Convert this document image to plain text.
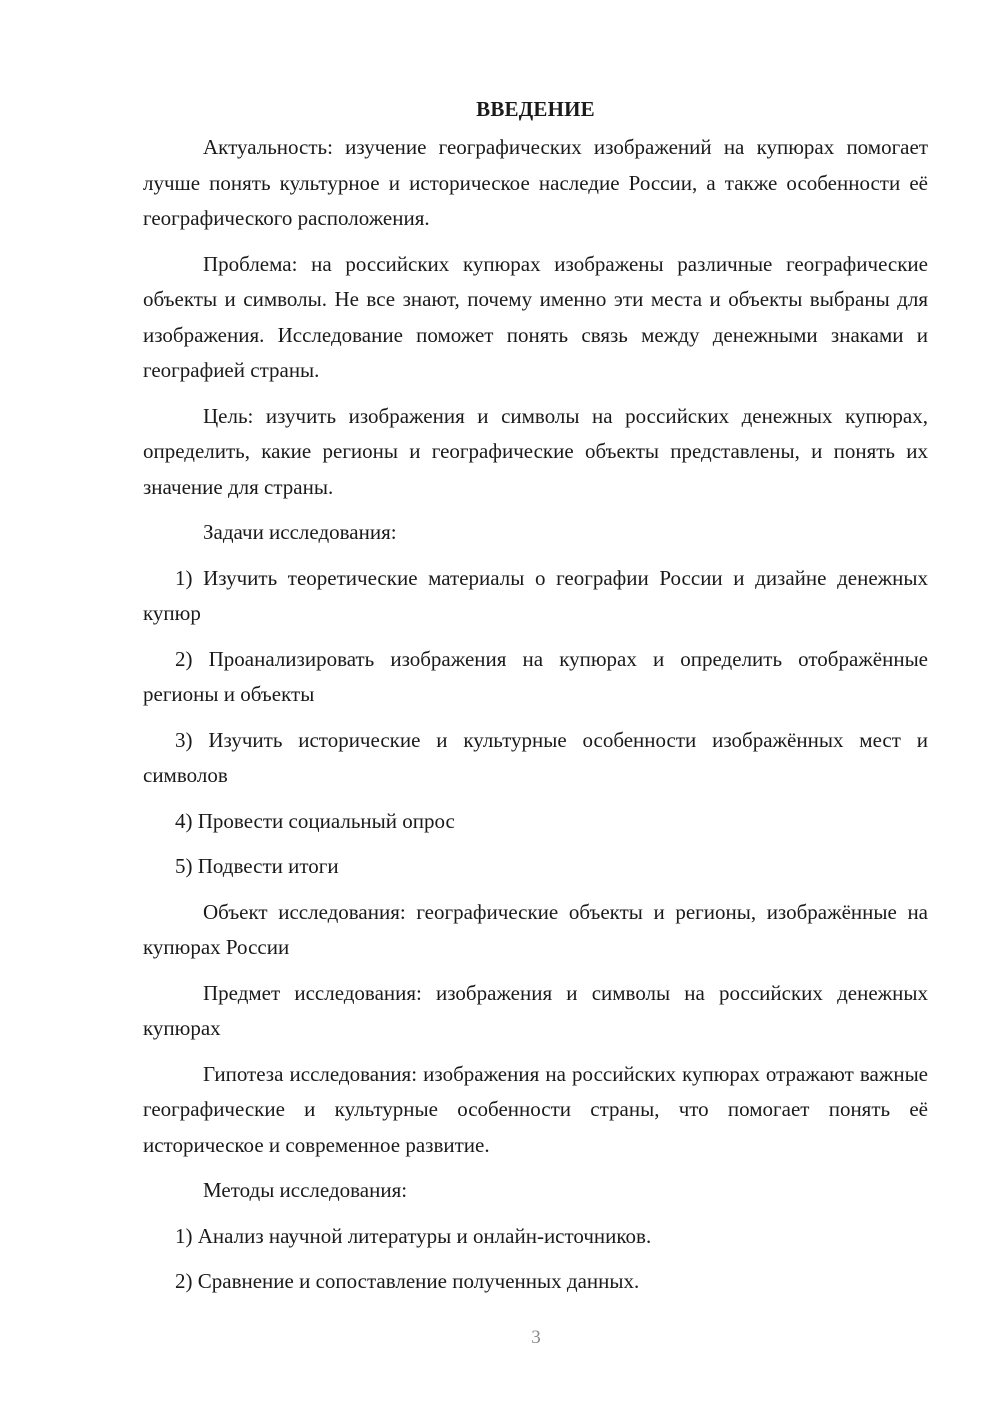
ВВЕДЕНИЕ

Актуальность: изучение географических изображений на купюрах помогает лучше понять культурное и историческое наследие России, а также особенности её географического расположения.

Проблема: на российских купюрах изображены различные географические объекты и символы. Не все знают, почему именно эти места и объекты выбраны для изображения. Исследование поможет понять связь между денежными знаками и географией страны.

Цель: изучить изображения и символы на российских денежных купюрах, определить, какие регионы и географические объекты представлены, и понять их значение для страны.

Задачи исследования:

1) Изучить теоретические материалы о географии России и дизайне денежных купюр

2) Проанализировать изображения на купюрах и определить отображённые регионы и объекты

3) Изучить исторические и культурные особенности изображённых мест и символов

4) Провести социальный опрос

5) Подвести итоги

Объект исследования: географические объекты и регионы, изображённые на купюрах России

Предмет исследования: изображения и символы на российских денежных купюрах

Гипотеза исследования: изображения на российских купюрах отражают важные географические и культурные особенности страны, что помогает понять её историческое и современное развитие.

Методы исследования:

1) Анализ научной литературы и онлайн-источников.

2) Сравнение и сопоставление полученных данных.

3
